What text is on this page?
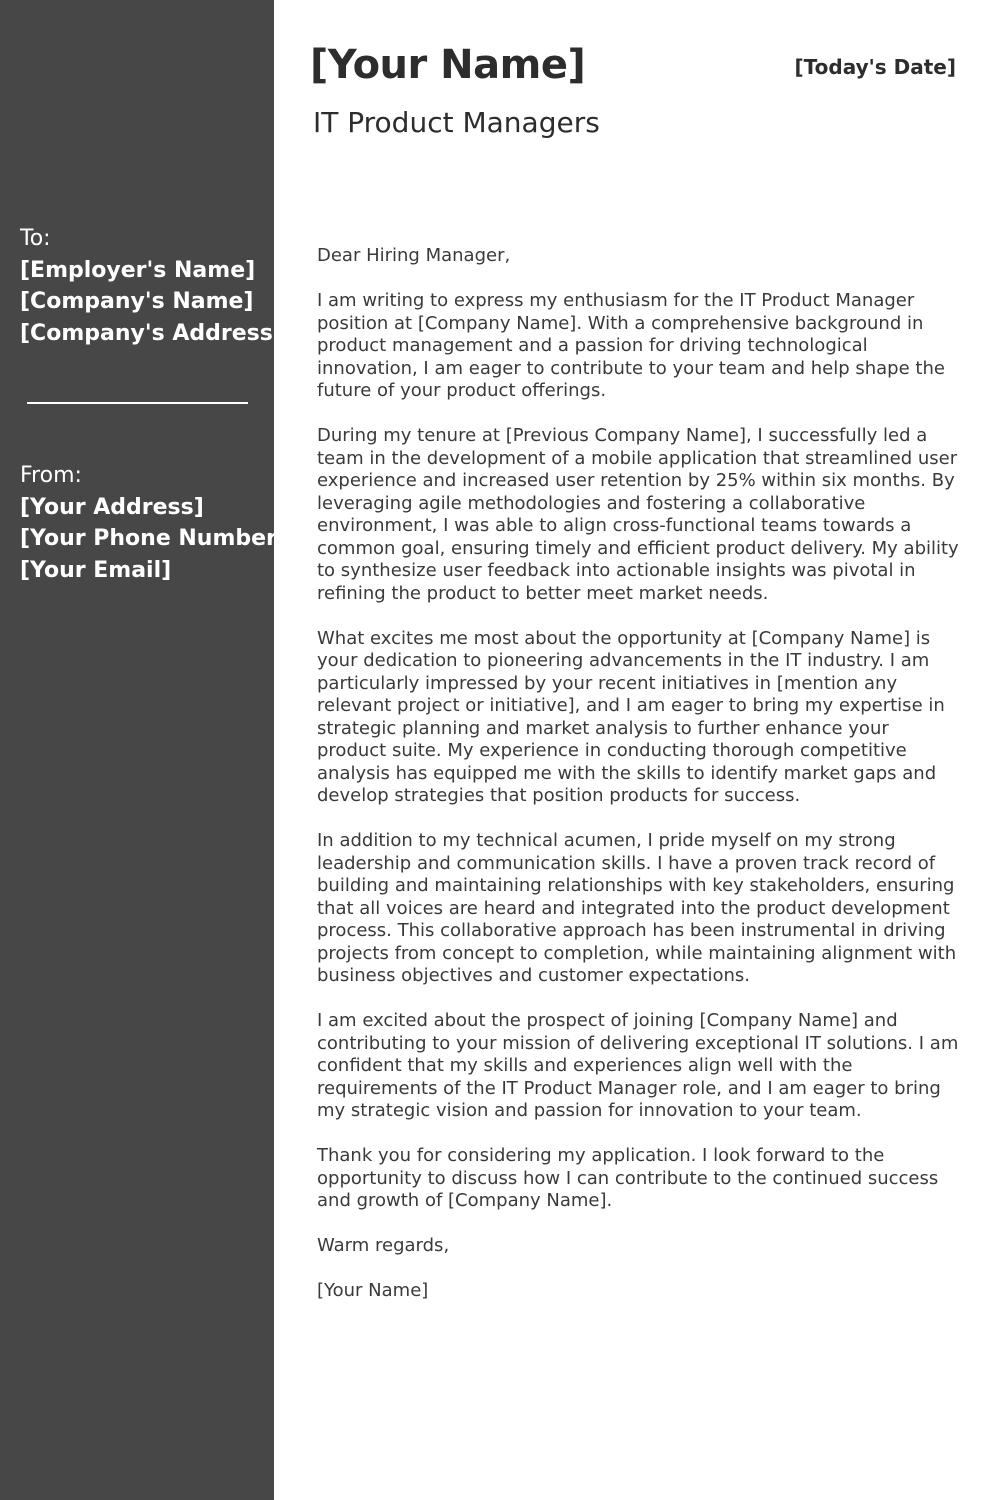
To:
[Employer's Name]
[Company's Name]
[Company's Address]
From:
[Your Address]
[Your Phone Number]
[Your Email]
[Your Name]	[Today's Date]
IT Product Managers

Dear Hiring Manager,

I am writing to express my enthusiasm for the IT Product Manager position at [Company Name]. With a comprehensive background in product management and a passion for driving technological innovation, I am eager to contribute to your team and help shape the future of your product offerings.

During my tenure at [Previous Company Name], I successfully led a team in the development of a mobile application that streamlined user experience and increased user retention by 25% within six months. By leveraging agile methodologies and fostering a collaborative environment, I was able to align cross-functional teams towards a common goal, ensuring timely and efficient product delivery. My ability to synthesize user feedback into actionable insights was pivotal in refining the product to better meet market needs.

What excites me most about the opportunity at [Company Name] is your dedication to pioneering advancements in the IT industry. I am particularly impressed by your recent initiatives in [mention any relevant project or initiative], and I am eager to bring my expertise in strategic planning and market analysis to further enhance your product suite. My experience in conducting thorough competitive analysis has equipped me with the skills to identify market gaps and develop strategies that position products for success.

In addition to my technical acumen, I pride myself on my strong leadership and communication skills. I have a proven track record of building and maintaining relationships with key stakeholders, ensuring that all voices are heard and integrated into the product development process. This collaborative approach has been instrumental in driving projects from concept to completion, while maintaining alignment with business objectives and customer expectations.

I am excited about the prospect of joining [Company Name] and contributing to your mission of delivering exceptional IT solutions. I am confident that my skills and experiences align well with the requirements of the IT Product Manager role, and I am eager to bring my strategic vision and passion for innovation to your team.

Thank you for considering my application. I look forward to the opportunity to discuss how I can contribute to the continued success and growth of [Company Name].

Warm regards,

[Your Name]
